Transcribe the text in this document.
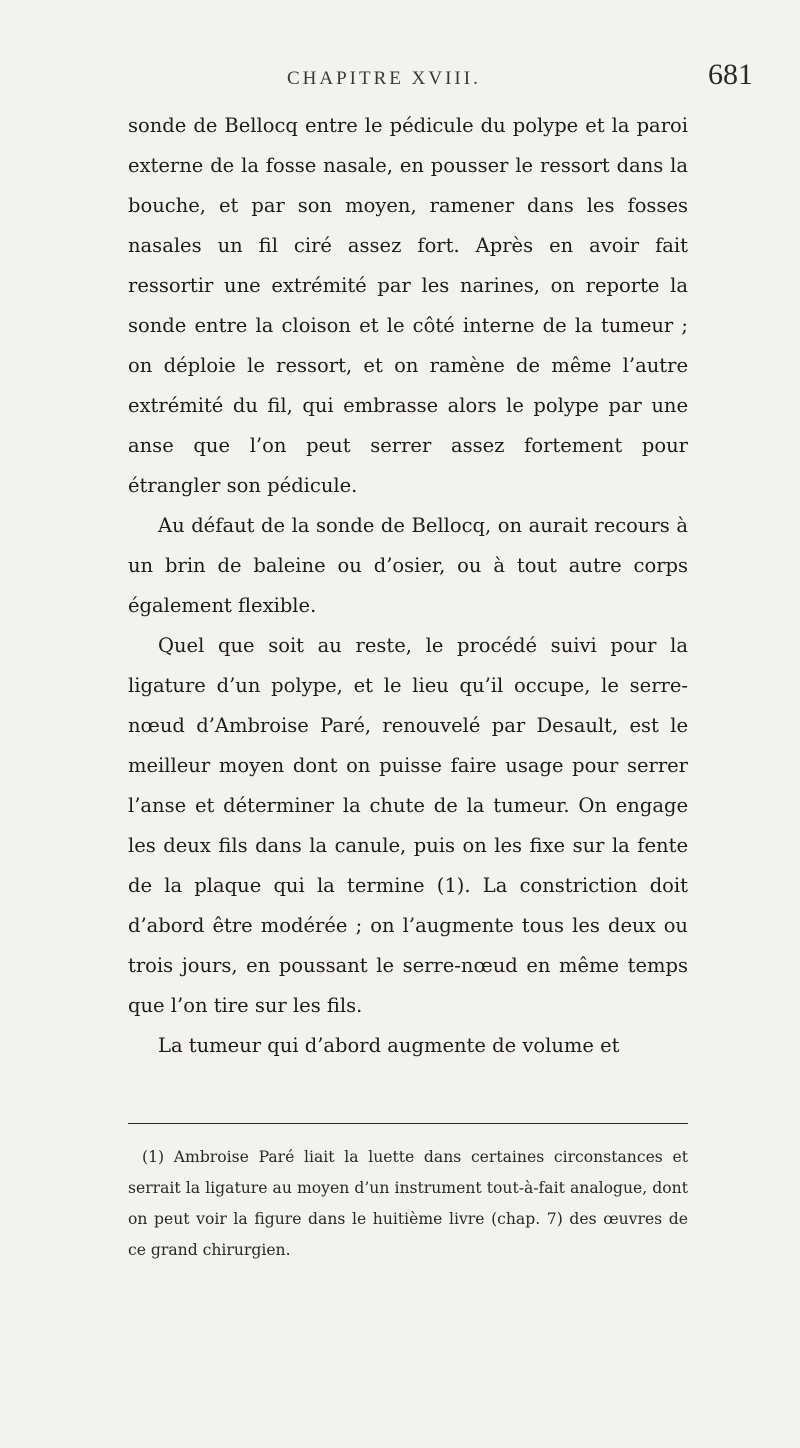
CHAPITRE XVIII.	681

sonde de Bellocq entre le pédicule du polype et la paroi externe de la fosse nasale, en pousser le ressort dans la bouche, et par son moyen, ramener dans les fosses nasales un fil ciré assez fort. Après en avoir fait ressortir une extrémité par les narines, on reporte la sonde entre la cloison et le côté interne de la tumeur ; on déploie le ressort, et on ramène de même l’autre extrémité du fil, qui embrasse alors le polype par une anse que l’on peut serrer assez fortement pour étrangler son pédicule.

Au défaut de la sonde de Bellocq, on aurait recours à un brin de baleine ou d’osier, ou à tout autre corps également flexible.

Quel que soit au reste, le procédé suivi pour la ligature d’un polype, et le lieu qu’il occupe, le serre-nœud d’Ambroise Paré, renouvelé par Desault, est le meilleur moyen dont on puisse faire usage pour serrer l’anse et déterminer la chute de la tumeur. On engage les deux fils dans la canule, puis on les fixe sur la fente de la plaque qui la termine (1). La constriction doit d’abord être modérée ; on l’augmente tous les deux ou trois jours, en poussant le serre-nœud en même temps que l’on tire sur les fils.

La tumeur qui d’abord augmente de volume et

(1) Ambroise Paré liait la luette dans certaines circonstances et serrait la ligature au moyen d’un instrument tout-à-fait analogue, dont on peut voir la figure dans le huitième livre (chap. 7) des œuvres de ce grand chirurgien.
